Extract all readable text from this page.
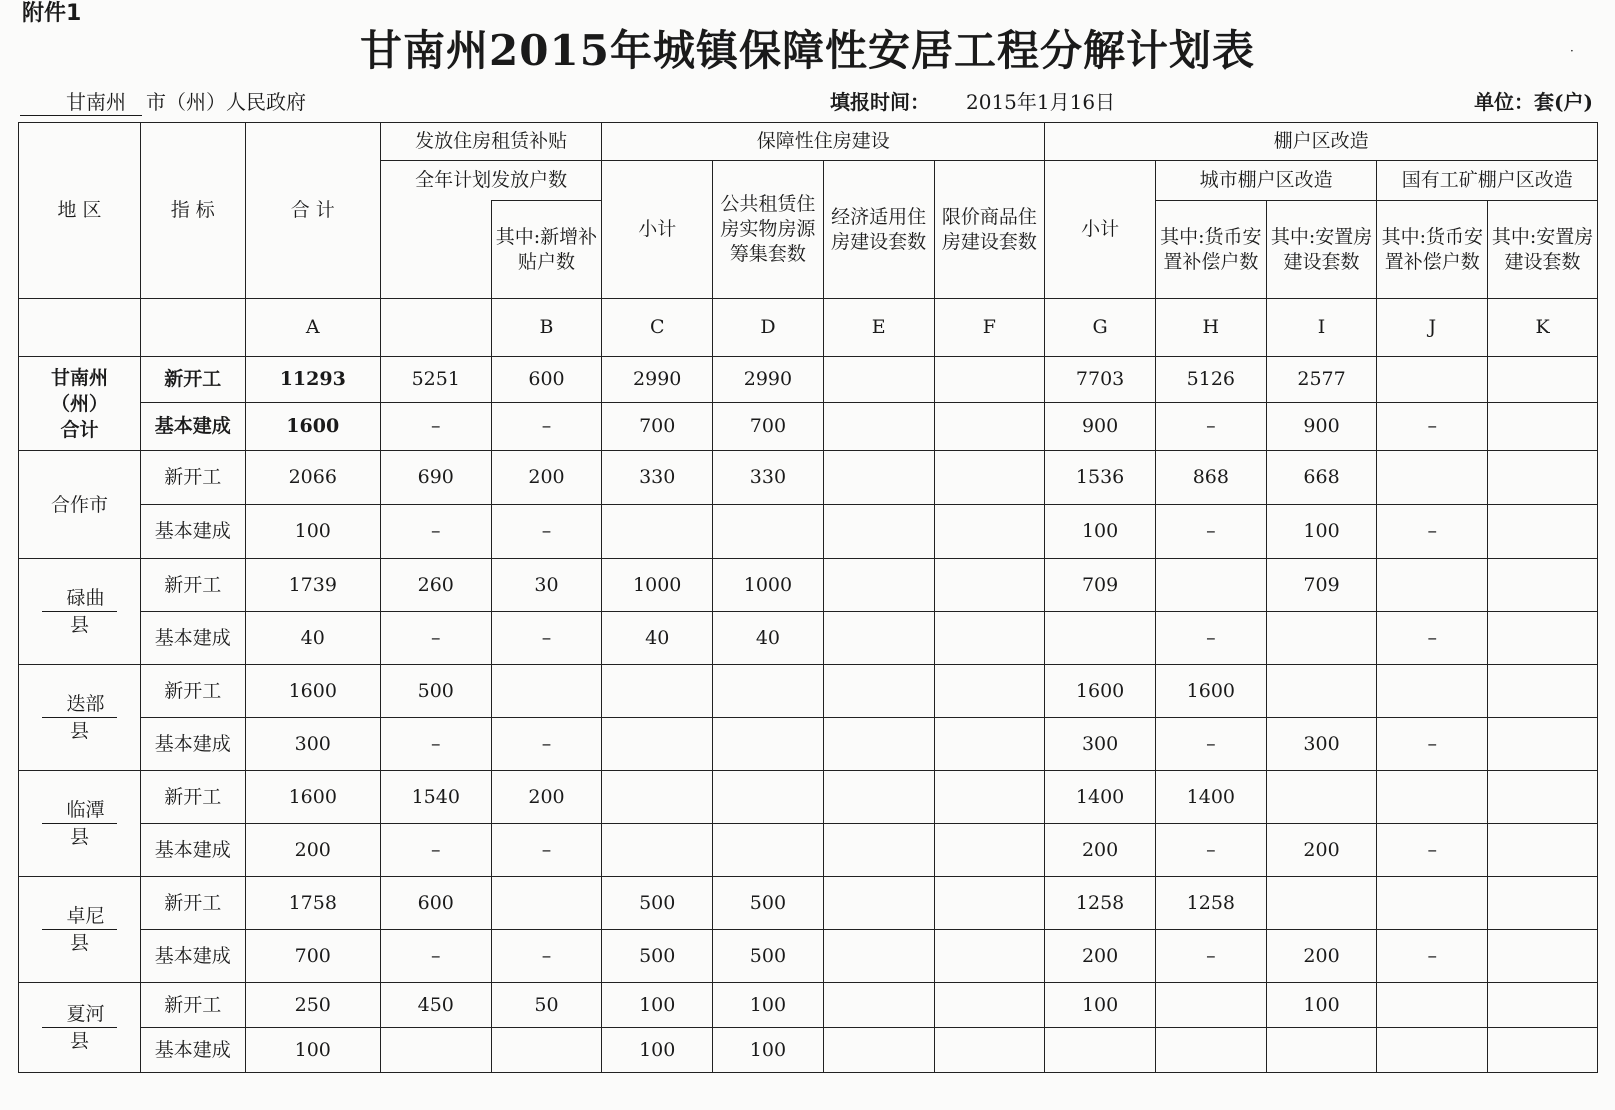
附件1
甘南州2015年城镇保障性安居工程分解计划表	·
甘南州 市（州）人民政府	填报时间： 2015年1月16日	单位：套(户)
地 区	指 标	合 计	发放住房租赁补贴		保障性住房建设				棚户区改造				
			全年计划发放户数		小计	公共租赁住房实物房源筹集套数	经济适用住房建设套数	限价商品住房建设套数	小计	城市棚户区改造		国有工矿棚户区改造	
				其中:新增补贴户数						其中:货币安置补偿户数	其中:安置房建设套数	其中:货币安置补偿户数	其中:安置房建设套数
		A		B	C	D	E	F	G	H	I	J	K
甘南州
（州）
合计	新开工	11293	5251	600	2990	2990			7703	5126	2577		
	基本建成	1600	–	–	700	700			900	–	900	–	
合作市	新开工	2066	690	200	330	330			1536	868	668		
	基本建成	100	–	–					100	–	100	–	
碌曲
县	新开工	1739	260	30	1000	1000			709		709		
	基本建成	40	–	–	40	40				–		–	
迭部
县	新开工	1600	500						1600	1600			
	基本建成	300	–	–					300	–	300	–	
临潭
县	新开工	1600	1540	200					1400	1400			
	基本建成	200	–	–					200	–	200	–	
卓尼
县	新开工	1758	600		500	500			1258	1258			
	基本建成	700	–	–	500	500			200	–	200	–	
夏河
县	新开工	250	450	50	100	100			100		100		
	基本建成	100			100	100							
